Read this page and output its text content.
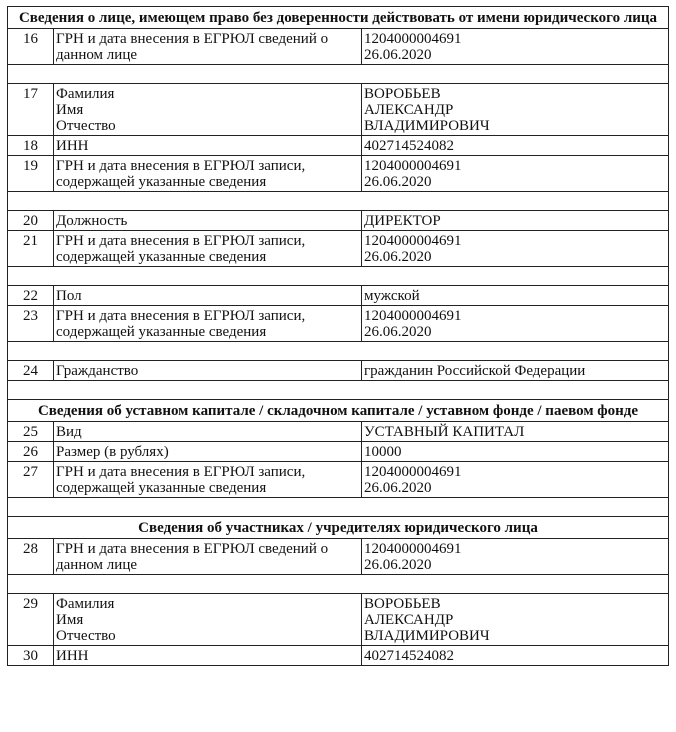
Сведения о лице, имеющем право без доверенности действовать от имени юридического лица		
16	ГРН и дата внесения в ЕГРЮЛ сведений о
данном лице	1204000004691
26.06.2020

17	Фамилия
Имя
Отчество	ВОРОБЬЕВ
АЛЕКСАНДР
ВЛАДИМИРОВИЧ

18	ИНН	402714524082

19	ГРН и дата внесения в ЕГРЮЛ записи,
содержащей указанные сведения	1204000004691
26.06.2020

20	Должность	ДИРЕКТОР

21	ГРН и дата внесения в ЕГРЮЛ записи,
содержащей указанные сведения	1204000004691
26.06.2020

22	Пол	мужской

23	ГРН и дата внесения в ЕГРЮЛ записи,
содержащей указанные сведения	1204000004691
26.06.2020

24	Гражданство	гражданин Российской Федерации

Сведения об уставном капитале / складочном капитале / уставном фонде / паевом фонде		
25	Вид	УСТАВНЫЙ КАПИТАЛ

26	Размер (в рублях)	10000

27	ГРН и дата внесения в ЕГРЮЛ записи,
содержащей указанные сведения	1204000004691
26.06.2020

Сведения об участниках / учредителях юридического лица		
28	ГРН и дата внесения в ЕГРЮЛ сведений о
данном лице	1204000004691
26.06.2020

29	Фамилия
Имя
Отчество	ВОРОБЬЕВ
АЛЕКСАНДР
ВЛАДИМИРОВИЧ

30	ИНН	402714524082
